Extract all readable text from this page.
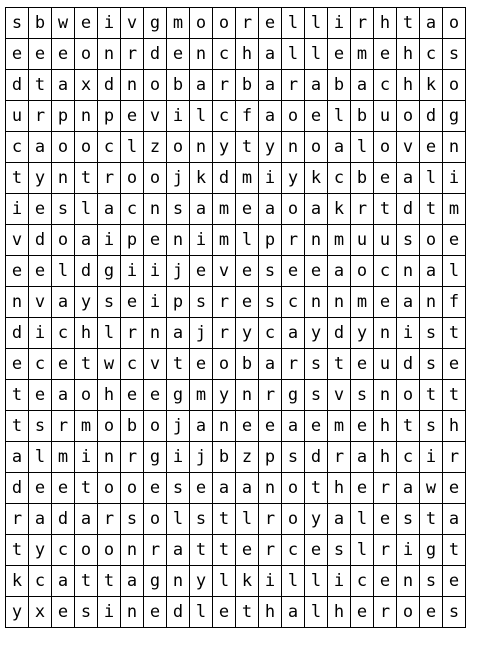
s b w e i v g m o o r e l l i r h t a o
e e e o n r d e n c h a l l e m e h c s
d t a x d n o b a r b a r a b a c h k o
u r p n p e v i l c f a o e l b u o d g
c a o o c l z o n y t y n o a l o v e n
t y n t r o o j k d m i y k c b e a l i
i e s l a c n s a m e a o a k r t d t m
v d o a i p e n i m l p r n m u u s o e
e e l d g i i j e v e s e e a o c n a l
n v a y s e i p s r e s c n n m e a n f
d i c h l r n a j r y c a y d y n i s t
e c e t w c v t e o b a r s t e u d s e
t e a o h e e g m y n r g s v s n o t t
t s r m o b o j a n e e a e m e h t s h
a l m i n r g i j b z p s d r a h c i r
d e e t o o e s e a a n o t h e r a w e
r a d a r s o l s t l r o y a l e s t a
t y c o o n r a t t e r c e s l r i g t
k c a t t a g n y l k i l l i c e n s e
y x e s i n e d l e t h a l h e r o e s
